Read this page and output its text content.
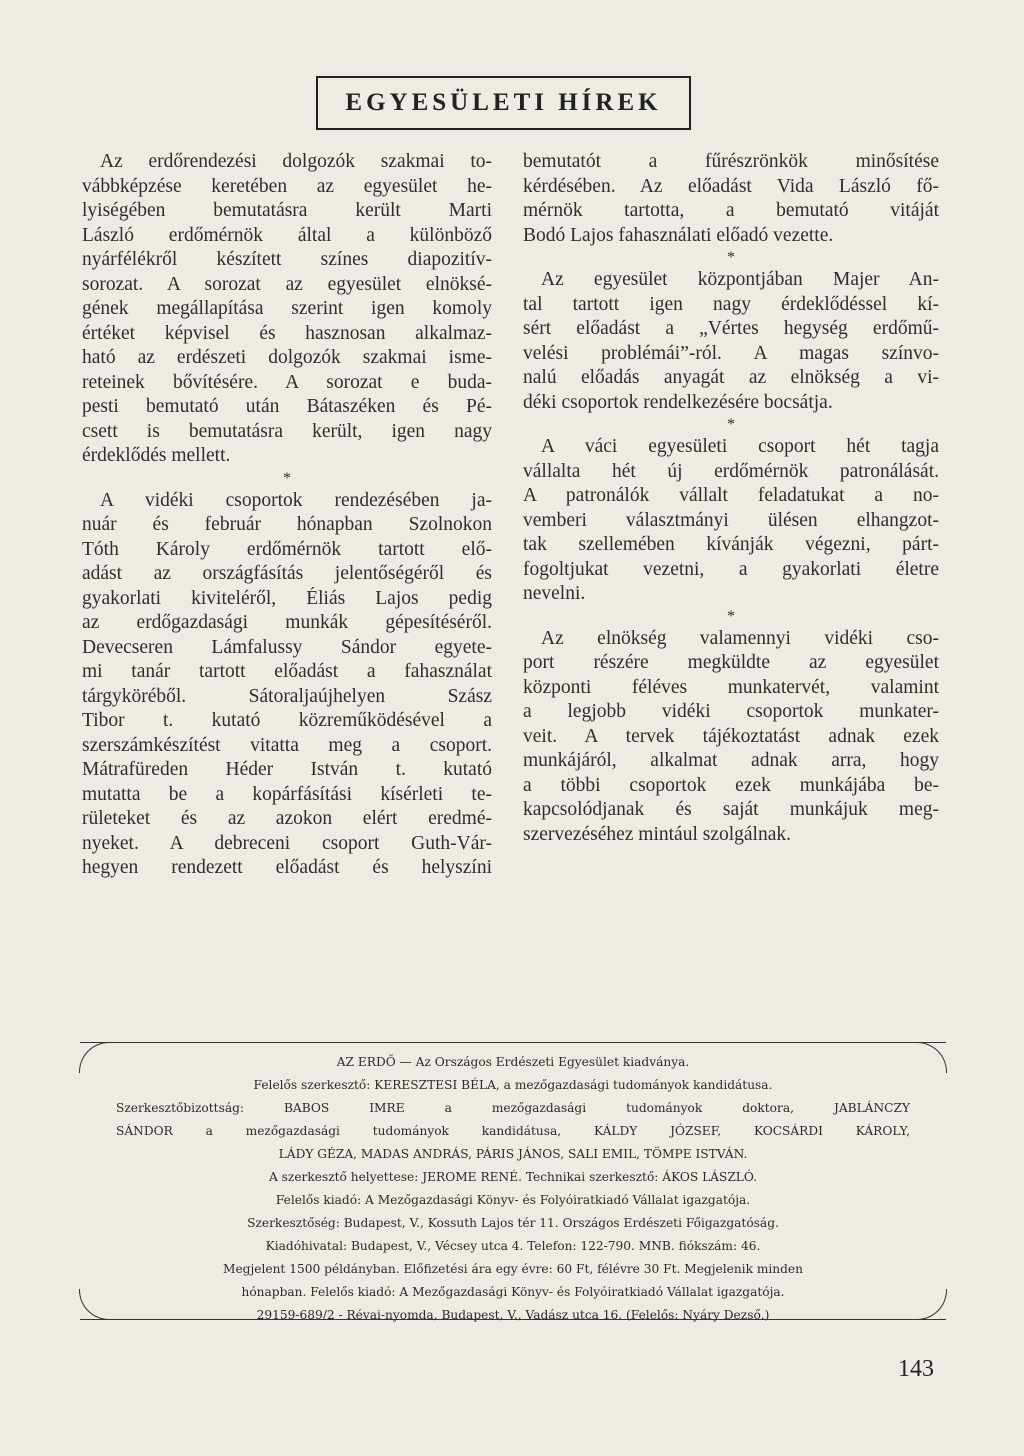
EGYESÜLETI HÍREK
Az erdőrendezési dolgozók szakmai to-
vábbképzése keretében az egyesület he-
lyiségében bemutatásra került Marti
László erdőmérnök által a különböző
nyárfélékről készített színes diapozitív-
sorozat. A sorozat az egyesület elnöksé-
gének megállapítása szerint igen komoly
értéket képvisel és hasznosan alkalmaz-
ható az erdészeti dolgozók szakmai isme-
reteinek bővítésére. A sorozat e buda-
pesti bemutató után Bátaszéken és Pé-
csett is bemutatásra került, igen nagy
érdeklődés mellett.
*
A vidéki csoportok rendezésében ja-
nuár és február hónapban Szolnokon
Tóth Károly erdőmérnök tartott elő-
adást az országfásítás jelentőségéről és
gyakorlati kiviteléről, Éliás Lajos pedig
az erdőgazdasági munkák gépesítéséről.
Devecseren Lámfalussy Sándor egyete-
mi tanár tartott előadást a fahasználat
tárgyköréből. Sátoraljaújhelyen Szász
Tibor t. kutató közreműködésével a
szerszámkészítést vitatta meg a csoport.
Mátrafüreden Héder István t. kutató
mutatta be a kopárfásítási kísérleti te-
rületeket és az azokon elért eredmé-
nyeket. A debreceni csoport Guth-Vár-
hegyen rendezett előadást és helyszíni
bemutatót a fűrészrönkök minősítése
kérdésében. Az előadást Vida László fő-
mérnök tartotta, a bemutató vitáját
Bodó Lajos fahasználati előadó vezette.
*
Az egyesület központjában Majer An-
tal tartott igen nagy érdeklődéssel kí-
sért előadást a „Vértes hegység erdőmű-
velési problémái”-ról. A magas színvo-
nalú előadás anyagát az elnökség a vi-
déki csoportok rendelkezésére bocsátja.
*
A váci egyesületi csoport hét tagja
vállalta hét új erdőmérnök patronálását.
A patronálók vállalt feladatukat a no-
vemberi választmányi ülésen elhangzot-
tak szellemében kívánják végezni, párt-
fogoltjukat vezetni, a gyakorlati életre
nevelni.
*
Az elnökség valamennyi vidéki cso-
port részére megküldte az egyesület
központi féléves munkatervét, valamint
a legjobb vidéki csoportok munkater-
veit. A tervek tájékoztatást adnak ezek
munkájáról, alkalmat adnak arra, hogy
a többi csoportok ezek munkájába be-
kapcsolódjanak és saját munkájuk meg-
szervezéséhez mintául szolgálnak.
AZ ERDŐ — Az Országos Erdészeti Egyesület kiadványa.
Felelős szerkesztő: KERESZTESI BÉLA, a mezőgazdasági tudományok kandidátusa.
Szerkesztőbizottság: BABOS IMRE a mezőgazdasági tudományok doktora, JABLÁNCZY
SÁNDOR a mezőgazdasági tudományok kandidátusa, KÁLDY JÓZSEF, KOCSÁRDI KÁROLY,
LÁDY GÉZA, MADAS ANDRÁS, PÁRIS JÁNOS, SALI EMIL, TÖMPE ISTVÁN.
A szerkesztő helyettese: JEROME RENÉ. Technikai szerkesztő: ÁKOS LÁSZLÓ.
Felelős kiadó: A Mezőgazdasági Könyv- és Folyóiratkiadó Vállalat igazgatója.
Szerkesztőség: Budapest, V., Kossuth Lajos tér 11. Országos Erdészeti Főigazgatóság.
Kiadóhivatal: Budapest, V., Vécsey utca 4. Telefon: 122-790. MNB. fiókszám: 46.
Megjelent 1500 példányban. Előfizetési ára egy évre: 60 Ft, félévre 30 Ft. Megjelenik minden
hónapban. Felelős kiadó: A Mezőgazdasági Könyv- és Folyóiratkiadó Vállalat igazgatója.
29159-689/2 - Révai-nyomda, Budapest, V., Vadász utca 16. (Felelős: Nyáry Dezső.)
143
